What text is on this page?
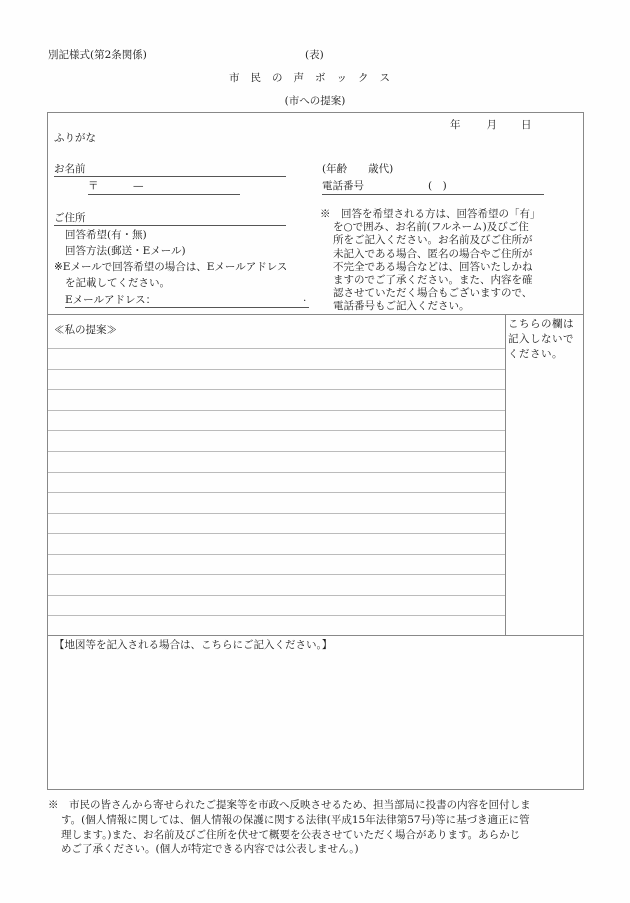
別記様式(第2条関係)	(表)
市民の声ボックス
(市への提案)
年 月 日
ふりがな
お名前
〒	—
(年齢　　歳代)
電話番号	(　)
ご住所
回答希望(有・無)
回答方法(郵送・Eメール)
※Eメールで回答希望の場合は、Eメールアドレス
を記載してください。
Eメールアドレス：	.
※　回答を希望される方は、回答希望の「有」
を○で囲み、お名前(フルネーム)及びご住
所をご記入ください。お名前及びご住所が
未記入である場合、匿名の場合やご住所が
不完全である場合などは、回答いたしかね
ますのでご了承ください。また、内容を確
認させていただく場合もございますので、
電話番号もご記入ください。
≪私の提案≫	こちらの欄は
記入しないで
ください。
【地図等を記入される場合は、こちらにご記入ください。】
※　市民の皆さんから寄せられたご提案等を市政へ反映させるため、担当部局に投書の内容を回付しま
す。(個人情報に関しては、個人情報の保護に関する法律(平成15年法律第57号)等に基づき適正に管
理します。)また、お名前及びご住所を伏せて概要を公表させていただく場合があります。あらかじ
めご了承ください。(個人が特定できる内容では公表しません。)
